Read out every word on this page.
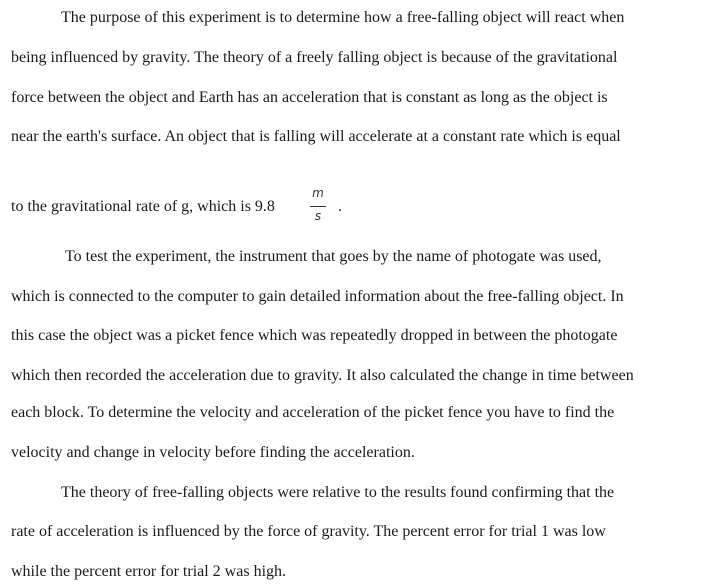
The purpose of this experiment is to determine how a free-falling object will react when
being influenced by gravity. The theory of a freely falling object is because of the gravitational
force between the object and Earth has an acceleration that is constant as long as the object is
near the earth's surface. An object that is falling will accelerate at a constant rate which is equal
to the gravitational rate of g, which is 9.8
m
s
.
To test the experiment, the instrument that goes by the name of photogate was used,
which is connected to the computer to gain detailed information about the free-falling object. In
this case the object was a picket fence which was repeatedly dropped in between the photogate
which then recorded the acceleration due to gravity. It also calculated the change in time between
each block. To determine the velocity and acceleration of the picket fence you have to find the
velocity and change in velocity before finding the acceleration.
The theory of free-falling objects were relative to the results found confirming that the
rate of acceleration is influenced by the force of gravity. The percent error for trial 1 was low
while the percent error for trial 2 was high.
